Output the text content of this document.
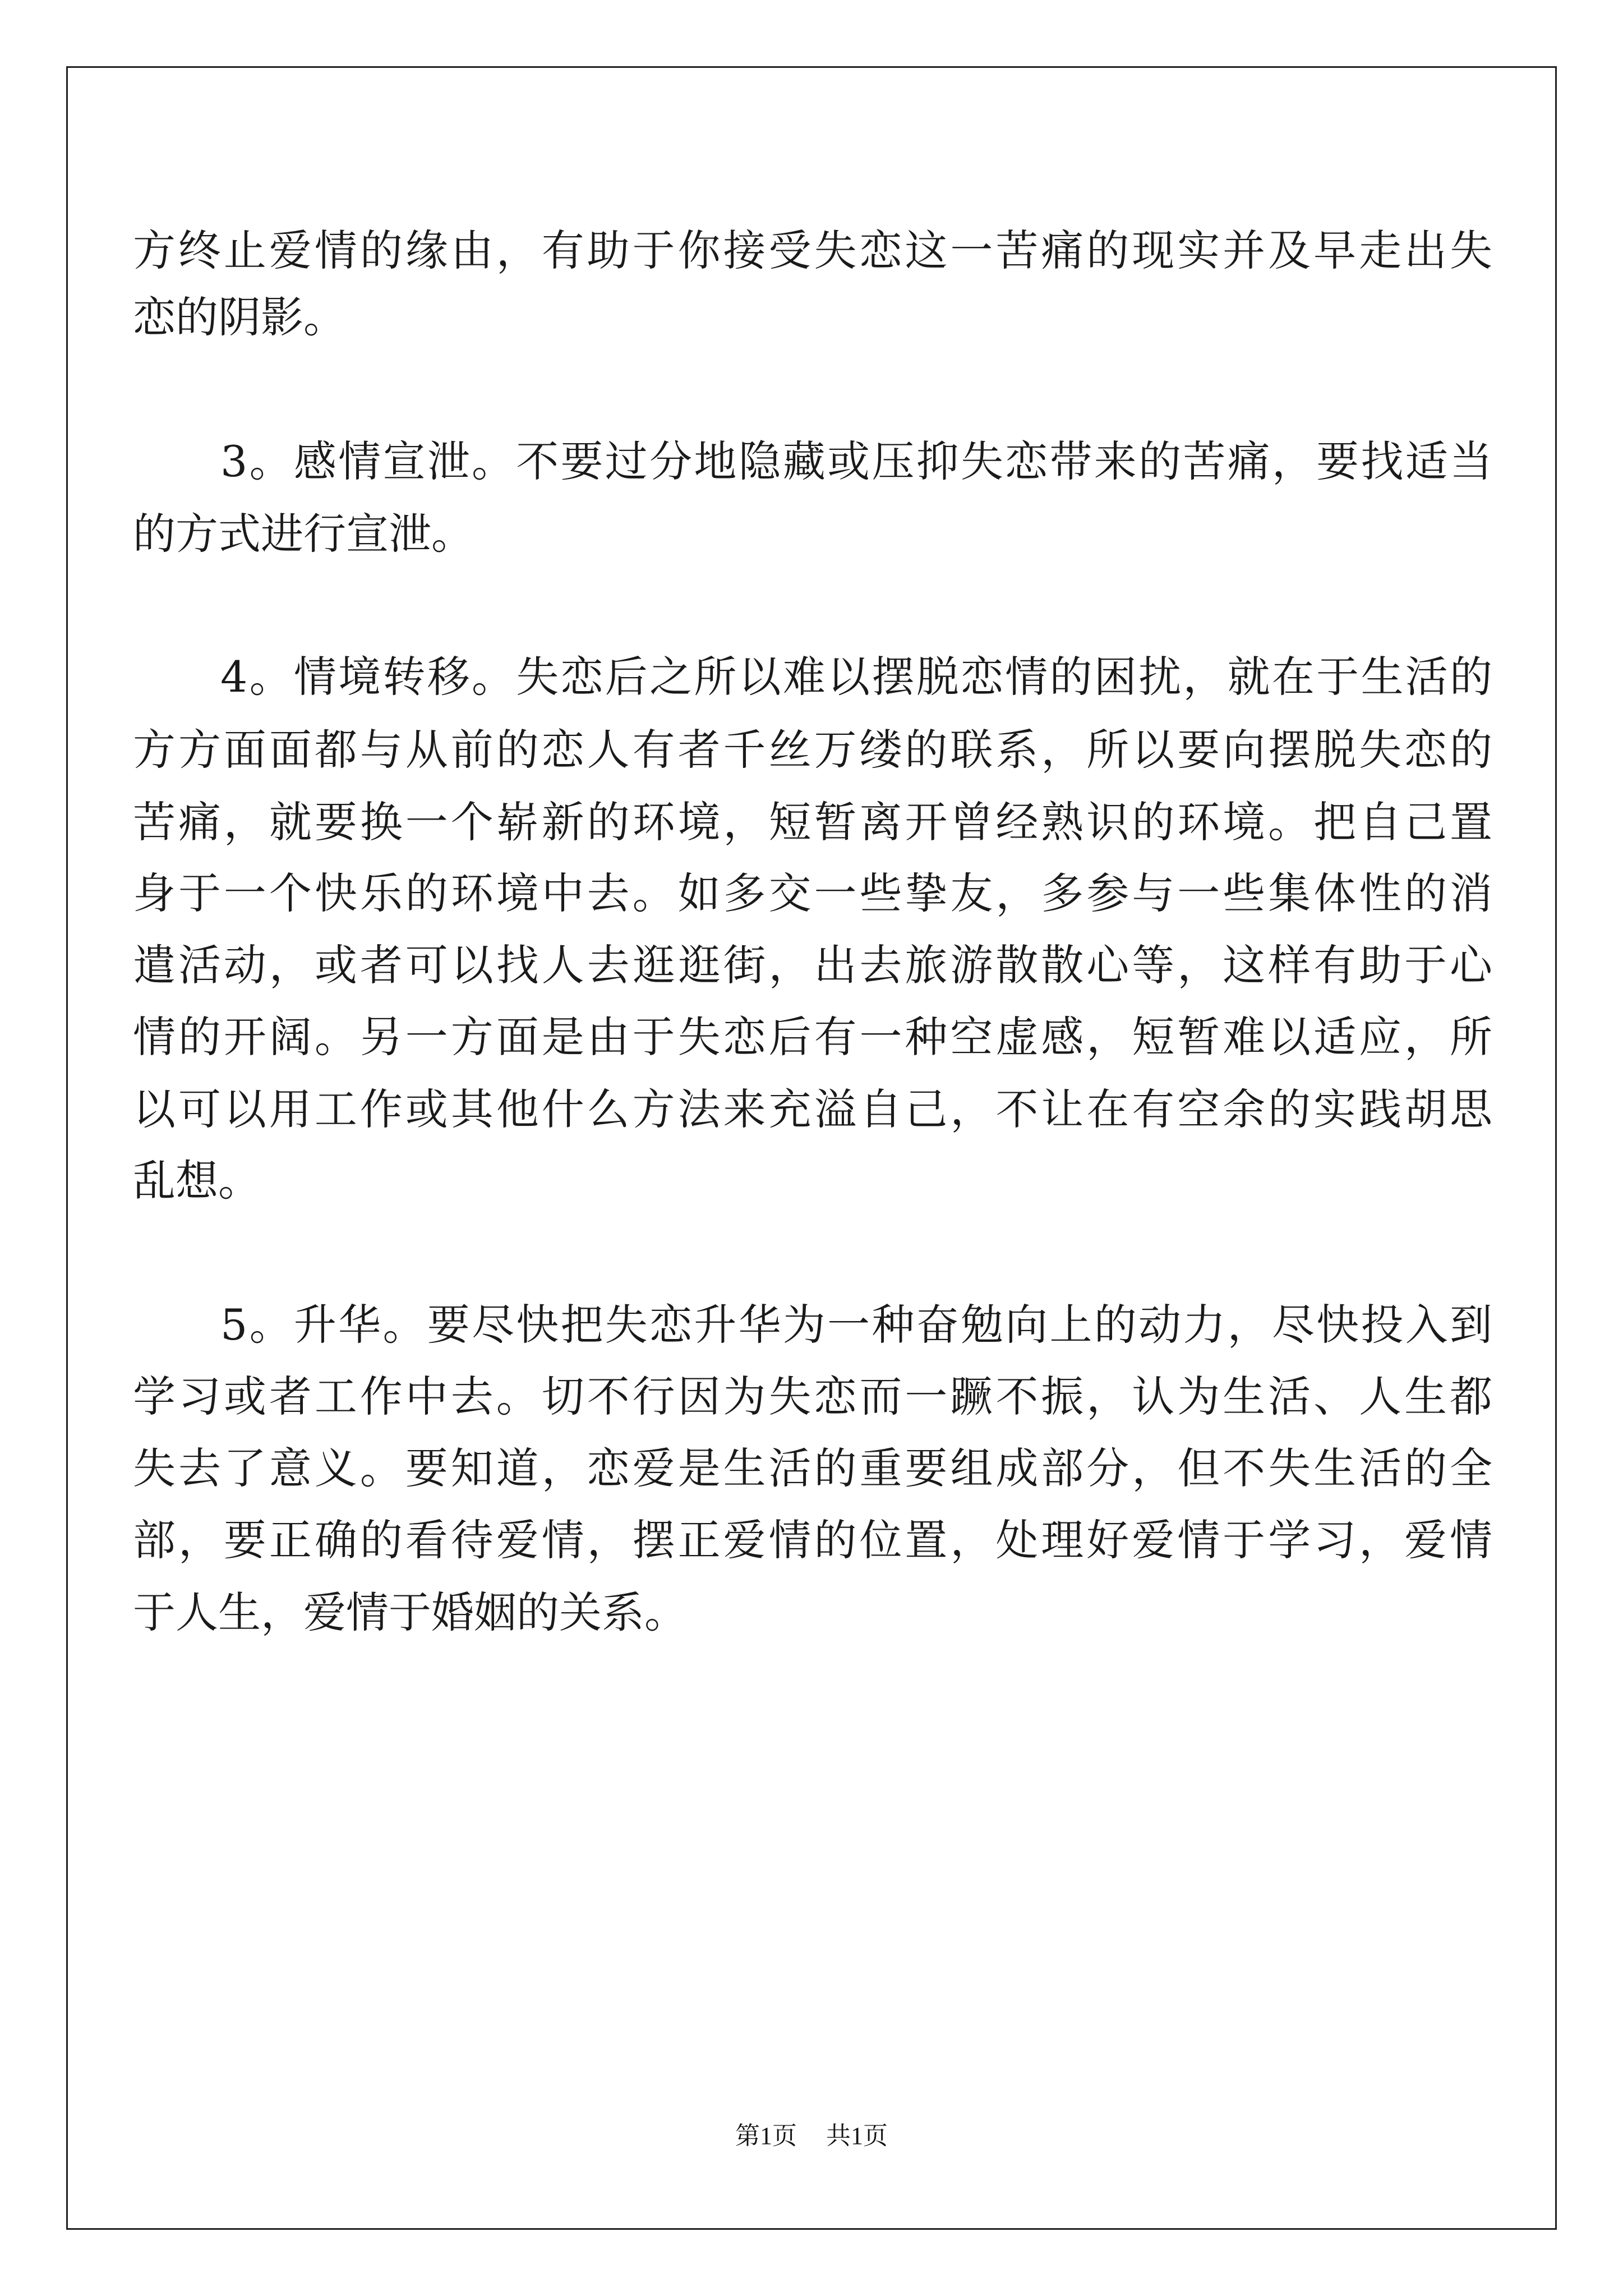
方终止爱情的缘由，有助于你接受失恋这一苦痛的现实并及早走出失
恋的阴影。
3。感情宣泄。不要过分地隐藏或压抑失恋带来的苦痛，要找适当
的方式进行宣泄。
4。情境转移。失恋后之所以难以摆脱恋情的困扰，就在于生活的
方方面面都与从前的恋人有者千丝万缕的联系，所以要向摆脱失恋的
苦痛，就要换一个崭新的环境，短暂离开曾经熟识的环境。把自己置
身于一个快乐的环境中去。如多交一些挚友，多参与一些集体性的消
遣活动，或者可以找人去逛逛街，出去旅游散散心等，这样有助于心
情的开阔。另一方面是由于失恋后有一种空虚感，短暂难以适应，所
以可以用工作或其他什么方法来充溢自己，不让在有空余的实践胡思
乱想。
5。升华。要尽快把失恋升华为一种奋勉向上的动力，尽快投入到
学习或者工作中去。切不行因为失恋而一蹶不振，认为生活、人生都
失去了意义。要知道，恋爱是生活的重要组成部分，但不失生活的全
部，要正确的看待爱情，摆正爱情的位置，处理好爱情于学习，爱情
于人生，爱情于婚姻的关系。
第1页 共1页
